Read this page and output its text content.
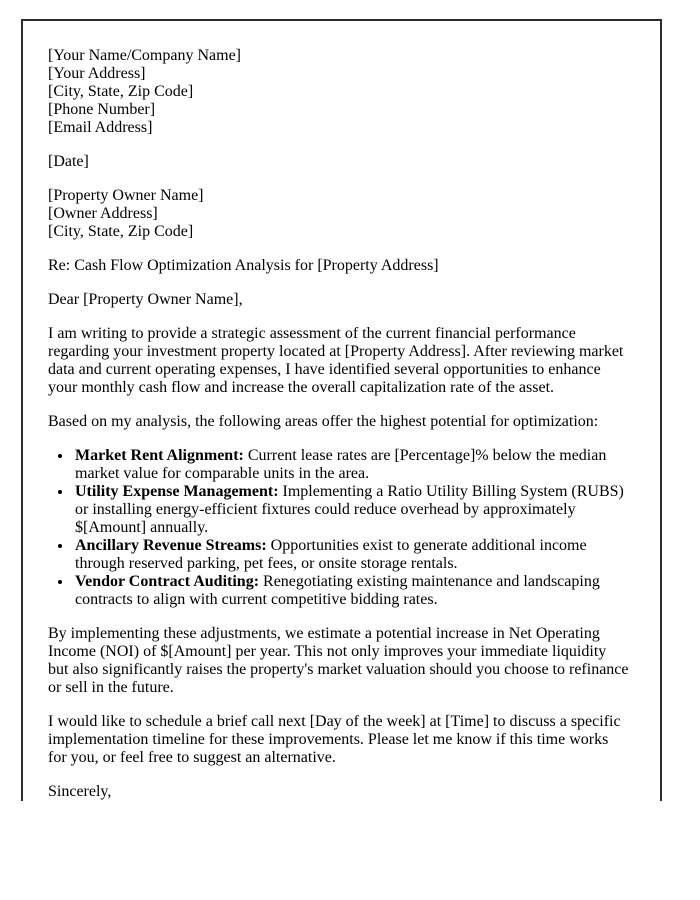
[Your Name/Company Name]
[Your Address]
[City, State, Zip Code]
[Phone Number]
[Email Address]

[Date]

[Property Owner Name]
[Owner Address]
[City, State, Zip Code]

Re: Cash Flow Optimization Analysis for [Property Address]

Dear [Property Owner Name],

I am writing to provide a strategic assessment of the current financial performance regarding your investment property located at [Property Address]. After reviewing market data and current operating expenses, I have identified several opportunities to enhance your monthly cash flow and increase the overall capitalization rate of the asset.

Based on my analysis, the following areas offer the highest potential for optimization:

• Market Rent Alignment: Current lease rates are [Percentage]% below the median market value for comparable units in the area.
• Utility Expense Management: Implementing a Ratio Utility Billing System (RUBS) or installing energy-efficient fixtures could reduce overhead by approximately $[Amount] annually.
• Ancillary Revenue Streams: Opportunities exist to generate additional income through reserved parking, pet fees, or onsite storage rentals.
• Vendor Contract Auditing: Renegotiating existing maintenance and landscaping contracts to align with current competitive bidding rates.

By implementing these adjustments, we estimate a potential increase in Net Operating Income (NOI) of $[Amount] per year. This not only improves your immediate liquidity but also significantly raises the property's market valuation should you choose to refinance or sell in the future.

I would like to schedule a brief call next [Day of the week] at [Time] to discuss a specific implementation timeline for these improvements. Please let me know if this time works for you, or feel free to suggest an alternative.

Sincerely,
